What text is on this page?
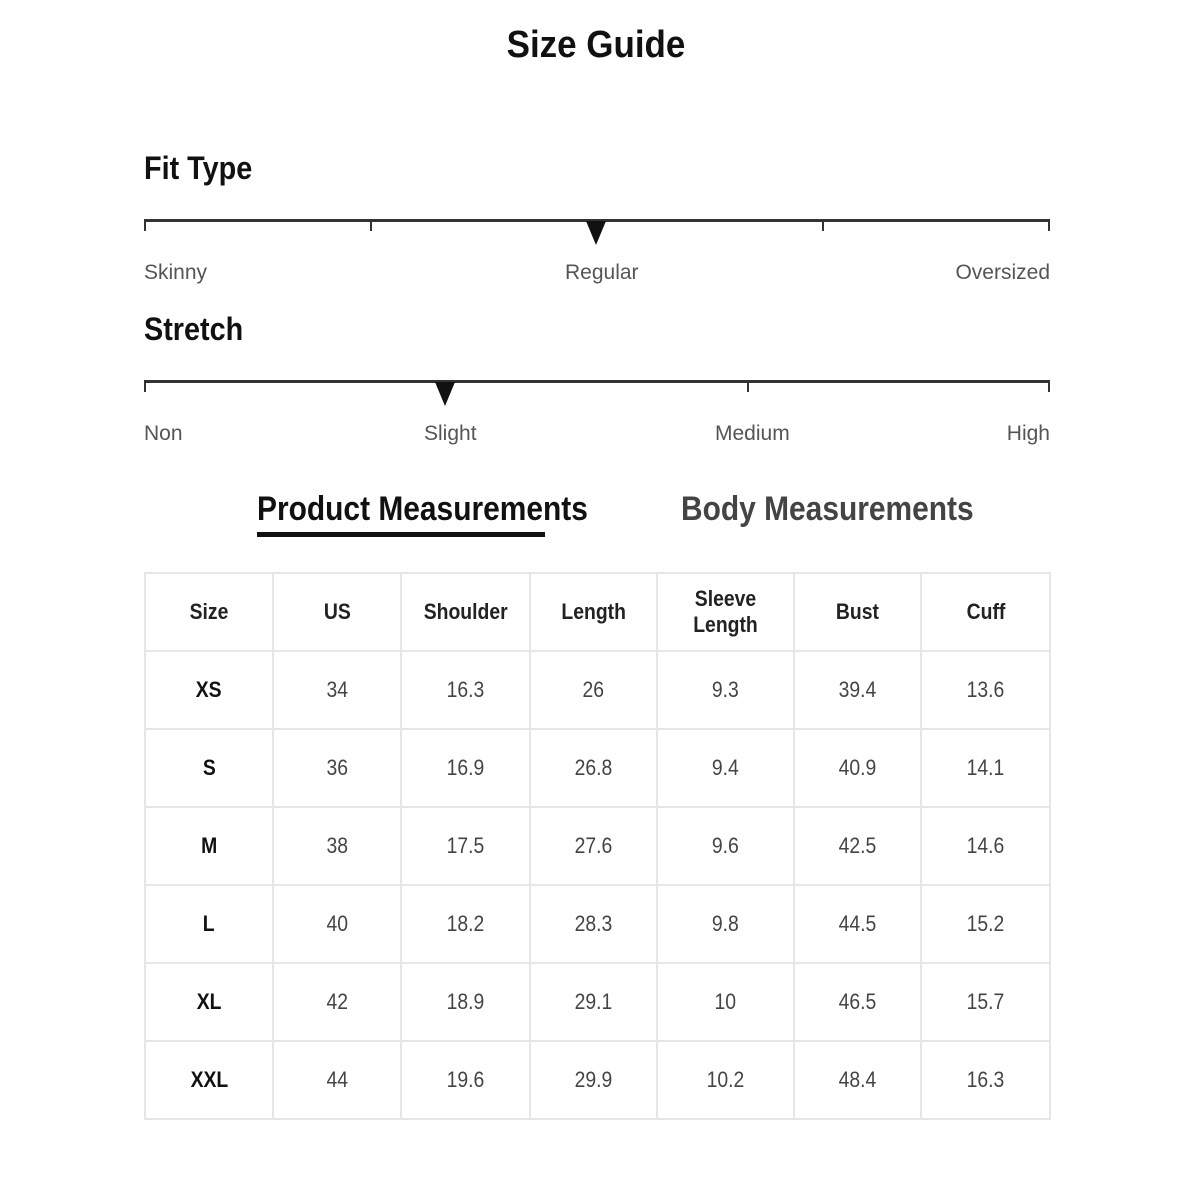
Size Guide
Fit Type
Skinny	Regular	Oversized
Stretch
Non	Slight	Medium	High
Product Measurements	Body Measurements
Size	US	Shoulder	Length	Sleeve Length	Bust	Cuff
XS	34	16.3	26	9.3	39.4	13.6
S	36	16.9	26.8	9.4	40.9	14.1
M	38	17.5	27.6	9.6	42.5	14.6
L	40	18.2	28.3	9.8	44.5	15.2
XL	42	18.9	29.1	10	46.5	15.7
XXL	44	19.6	29.9	10.2	48.4	16.3
